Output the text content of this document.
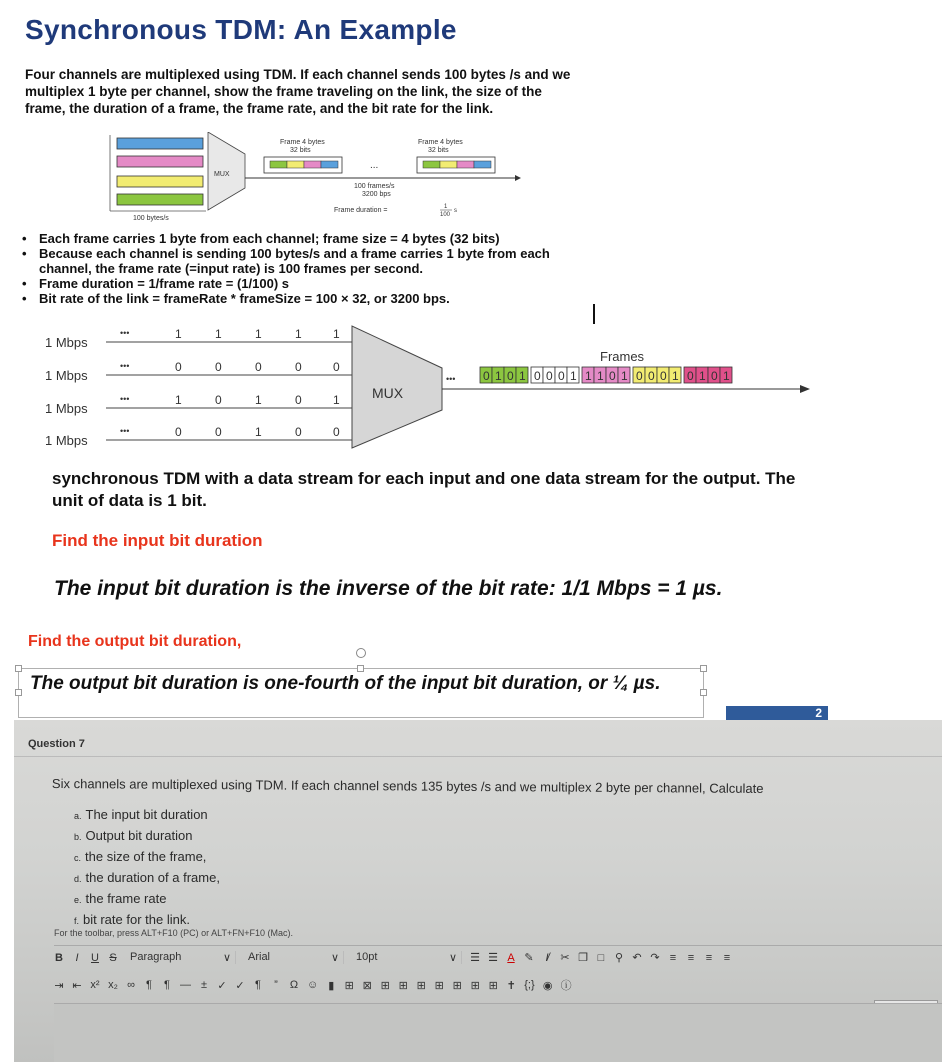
Synchronous TDM: An Example
Four channels are multiplexed using TDM. If each channel sends 100 bytes /s and we multiplex 1 byte per channel, show the frame traveling on the link, the size of the frame, the duration of a frame, the frame rate, and the bit rate for the link.
100 bytes/s
MUX
Frame 4 bytes
32 bits
...
Frame 4 bytes
32 bits
100 frames/s
3200 bps
Frame duration =	1
100
s
• Each frame carries 1 byte from each channel; frame size = 4 bytes (32 bits)
• Because each channel is sending 100 bytes/s and a frame carries 1 byte from each channel, the frame rate (=input rate) is 100 frames per second.
• Frame duration = 1/frame rate = (1/100) s
• Bit rate of the link = frameRate * frameSize = 100 × 32, or 3200 bps.
1 Mbps
•••	1	1	1	1	1
1 Mbps
•••	0	0	0	0	0
1 Mbps
•••	1	0	1	0	1
1 Mbps
•••	0	0	1	0	0
MUX
•••
Frames
0 1 0 1 0 0 0 1 1 1 0 1 0 0 0 1 0 1 0 1
synchronous TDM with a data stream for each input and one data stream for the output. The unit of data is 1 bit.
Find the input bit duration
The input bit duration is the inverse of the bit rate: 1/1 Mbps = 1 µs.
Find the output bit duration,
The output bit duration is one-fourth of the input bit duration, or ¼ µs.
2
Question 7
Six channels are multiplexed using TDM. If each channel sends 135 bytes /s and we multiplex 2 byte per channel, Calculate
a. The input bit duration
b. Output bit duration
c. the size of the frame,
d. the duration of a frame,
e. the frame rate
f. bit rate for the link.
For the toolbar, press ALT+F10 (PC) or ALT+FN+F10 (Mac).
B	I	U S Paragraph	∨ Arial	∨ 10pt	∨ ☰ ☰ A ✎	I̸	✂ ❐ □ ⚲ ↶ ↷ ≡ ≡ ≡ ≡
⇥ ⇤ x² x₂ ∞ ¶ ¶ — ± ✓ ✓ ¶ ” Ω ☺ ▮ ⊞ ⊠ ⊞ ⊞ ⊞ ⊞ ⊞ ⊞ ⊞ ✝ {;} ◉ ⓘ
